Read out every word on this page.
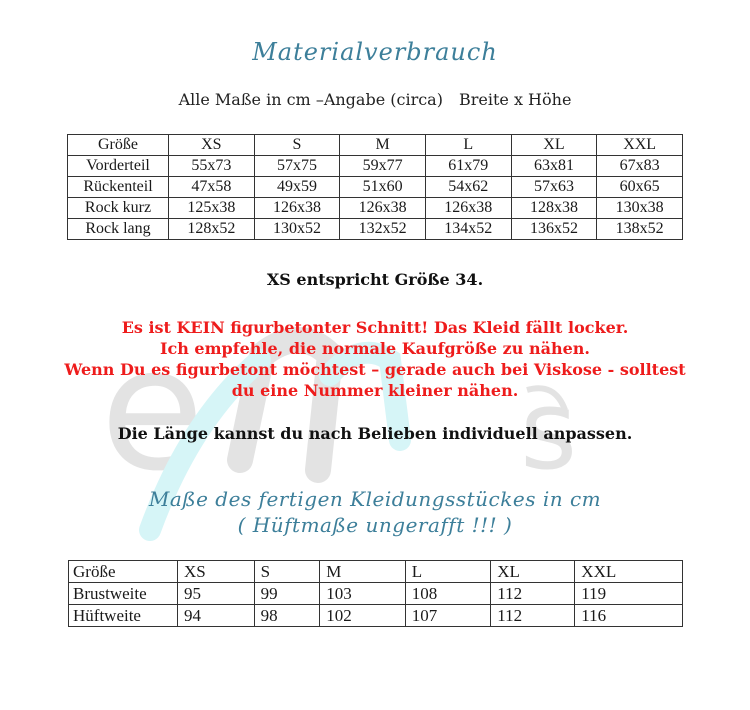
e	s
Materialverbrauch
Alle Maße in cm –Angabe (circa) Breite x Höhe
Größe	XS	S	M	L	XL	XXL
Vorderteil	55x73	57x75	59x77	61x79	63x81	67x83
Rückenteil	47x58	49x59	51x60	54x62	57x63	60x65
Rock kurz	125x38	126x38	126x38	126x38	128x38	130x38
Rock lang	128x52	130x52	132x52	134x52	136x52	138x52
XS entspricht Größe 34.
Es ist KEIN figurbetonter Schnitt! Das Kleid fällt locker.
Ich empfehle, die normale Kaufgröße zu nähen.
Wenn Du es figurbetont möchtest – gerade auch bei Viskose - solltest
du eine Nummer kleiner nähen.
Die Länge kannst du nach Belieben individuell anpassen.
Maße des fertigen Kleidungsstückes in cm
( Hüftmaße ungerafft !!! )
Größe	XS	S	M	L	XL	XXL
Brustweite	95	99	103	108	112	119
Hüftweite	94	98	102	107	112	116
